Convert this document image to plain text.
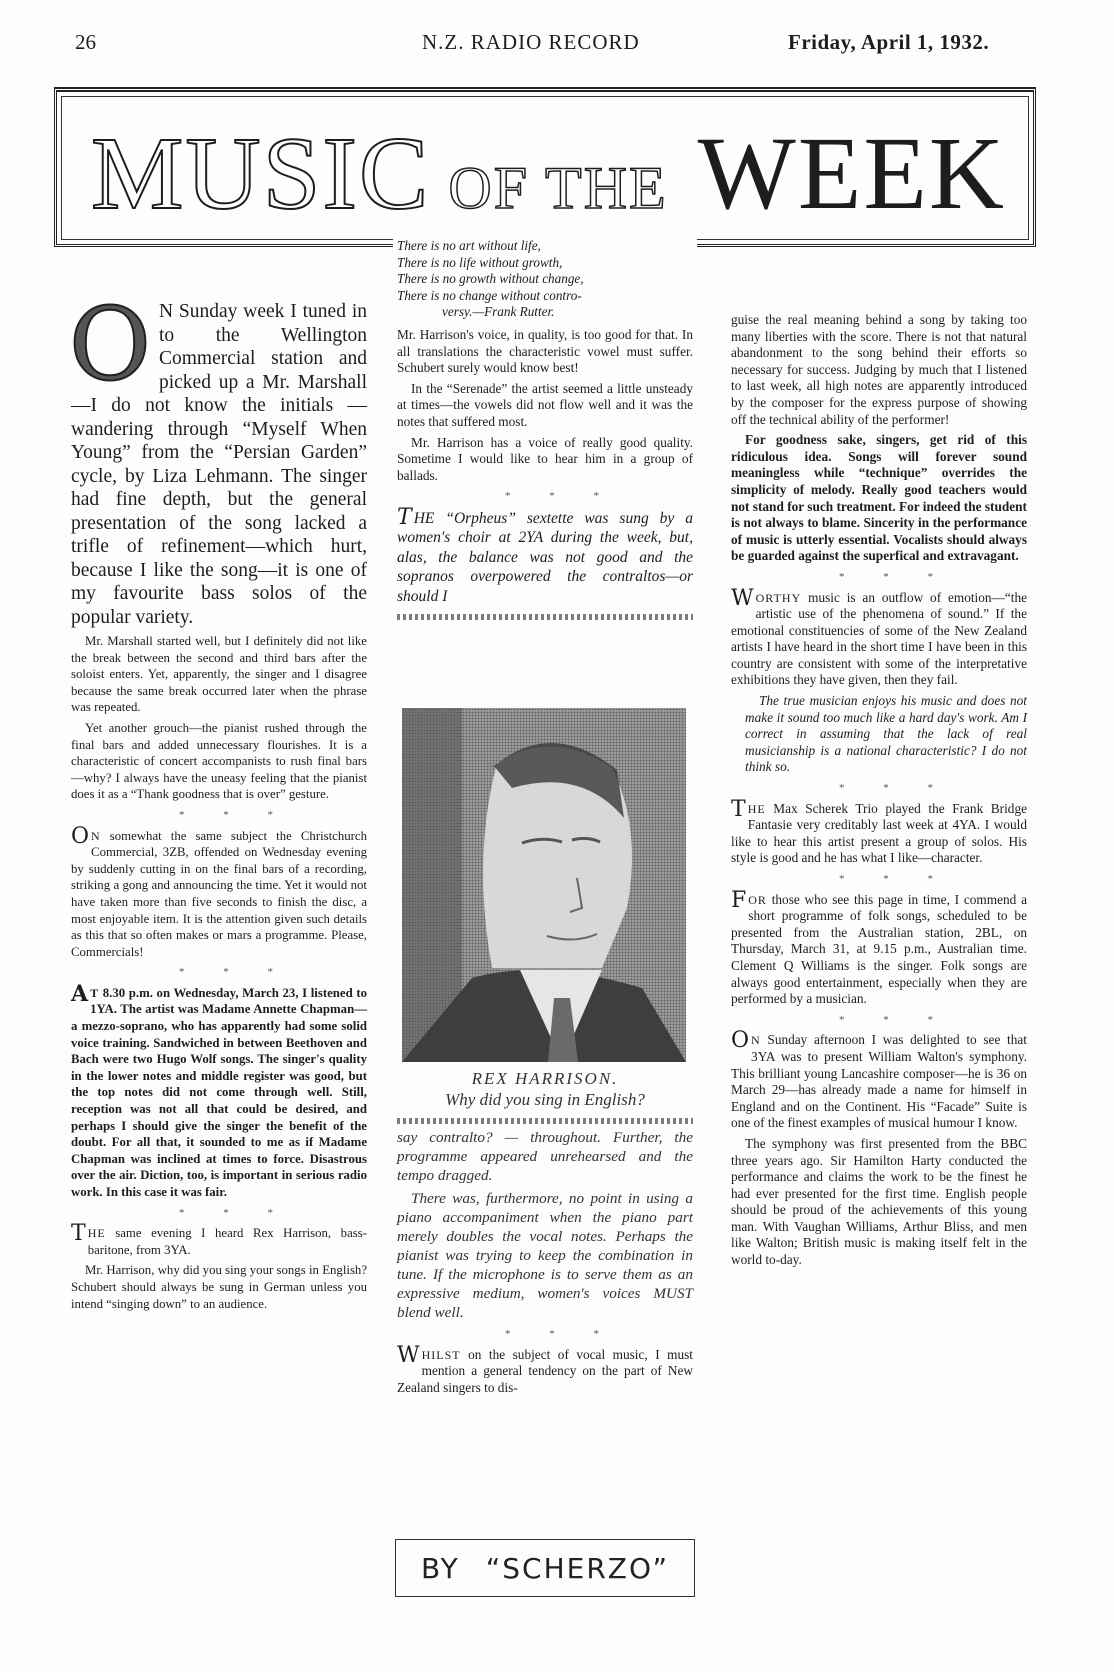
26	N.Z. RADIO RECORD	Friday, April 1, 1932.
MUSIC OF THE WEEK
There is no art without life,
There is no life without growth,
There is no growth without change,
There is no change without contro-
versy.—Frank Rutter.

O N Sunday week I tuned in to the Wellington Commercial station and picked up a Mr. Marshall—I do not know the initials — wandering through “Myself When Young” from the “Persian Garden” cycle, by Liza Lehmann. The singer had fine depth, but the general presentation of the song lacked a trifle of refinement—which hurt, because I like the song—it is one of my favourite bass solos of the popular variety.

Mr. Marshall started well, but I definitely did not like the break between the second and third bars after the soloist enters. Yet, apparently, the singer and I disagree because the same break occurred later when the phrase was repeated.

Yet another grouch—the pianist rushed through the final bars and added unnecessary flourishes. It is a characteristic of concert accompanists to rush final bars—why? I always have the uneasy feeling that the pianist does it as a “Thank goodness that is over” gesture.

* * *

O N somewhat the same subject the Christchurch Commercial, 3ZB, offended on Wednesday evening by suddenly cutting in on the final bars of a recording, striking a gong and announcing the time. Yet it would not have taken more than five seconds to finish the disc, a most enjoyable item. It is the attention given such details as this that so often makes or mars a programme. Please, Commercials!

* * *

A T 8.30 p.m. on Wednesday, March 23, I listened to 1YA. The artist was Madame Annette Chapman—a mezzo-soprano, who has apparently had some solid voice training. Sandwiched in between Beethoven and Bach were two Hugo Wolf songs. The singer's quality in the lower notes and middle register was good, but the top notes did not come through well. Still, reception was not all that could be desired, and perhaps I should give the singer the benefit of the doubt. For all that, it sounded to me as if Madame Chapman was inclined at times to force. Disastrous over the air. Diction, too, is important in serious radio work. In this case it was fair.

* * *

THE same evening I heard Rex Harrison, bass-baritone, from 3YA.

Mr. Harrison, why did you sing your songs in English? Schubert should always be sung in German unless you intend “singing down” to an audience.

Mr. Harrison's voice, in quality, is too good for that. In all translations the characteristic vowel must suffer. Schubert surely would know best!

In the “Serenade” the artist seemed a little unsteady at times—the vowels did not flow well and it was the notes that suffered most.

Mr. Harrison has a voice of really good quality. Sometime I would like to hear him in a group of ballads.

* * *

T HE “Orpheus” sextette was sung by a women's choir at 2YA during the week, but, alas, the balance was not good and the sopranos overpowered the contraltos—or should I

REX HARRISON.
Why did you sing in English?

say contralto? — throughout. Further, the programme appeared unrehearsed and the tempo dragged.

There was, furthermore, no point in using a piano accompaniment when the piano part merely doubles the vocal notes. Perhaps the pianist was trying to keep the combination in tune. If the microphone is to serve them as an expressive medium, women's voices MUST blend well.

* * *

WHILST on the subject of vocal music, I must mention a general tendency on the part of New Zealand singers to dis-

BY “SCHERZO”

guise the real meaning behind a song by taking too many liberties with the score. There is not that natural abandonment to the song behind their efforts so necessary for success. Judging by much that I listened to last week, all high notes are apparently introduced by the composer for the express purpose of showing off the technical ability of the performer!

For goodness sake, singers, get rid of this ridiculous idea. Songs will forever sound meaningless while “technique” overrides the simplicity of melody. Really good teachers would not stand for such treatment. For indeed the student is not always to blame. Sincerity in the performance of music is utterly essential. Vocalists should always be guarded against the superfical and extravagant.

* * *

WORTHY music is an outflow of emotion—“the artistic use of the phenomena of sound.” If the emotional constituencies of some of the New Zealand artists I have heard in the short time I have been in this country are consistent with some of the interpretative exhibitions they have given, then they fail.

The true musician enjoys his music and does not make it sound too much like a hard day's work. Am I correct in assuming that the lack of real musicianship is a national characteristic? I do not think so.

* * *

THE Max Scherek Trio played the Frank Bridge Fantasie very creditably last week at 4YA. I would like to hear this artist present a group of solos. His style is good and he has what I like—character.

* * *

FOR those who see this page in time, I commend a short programme of folk songs, scheduled to be presented from the Australian station, 2BL, on Thursday, March 31, at 9.15 p.m., Australian time. Clement Q Williams is the singer. Folk songs are always good entertainment, especially when they are performed by a musician.

* * *

O N Sunday afternoon I was delighted to see that 3YA was to present William Walton's symphony. This brilliant young Lancashire composer—he is 36 on March 29—has already made a name for himself in England and on the Continent. His “Facade” Suite is one of the finest examples of musical humour I know.

The symphony was first presented from the BBC three years ago. Sir Hamilton Harty conducted the performance and claims the work to be the finest he had ever presented for the first time. English people should be proud of the achievements of this young man. With Vaughan Williams, Arthur Bliss, and men like Walton; British music is making itself felt in the world to-day.
